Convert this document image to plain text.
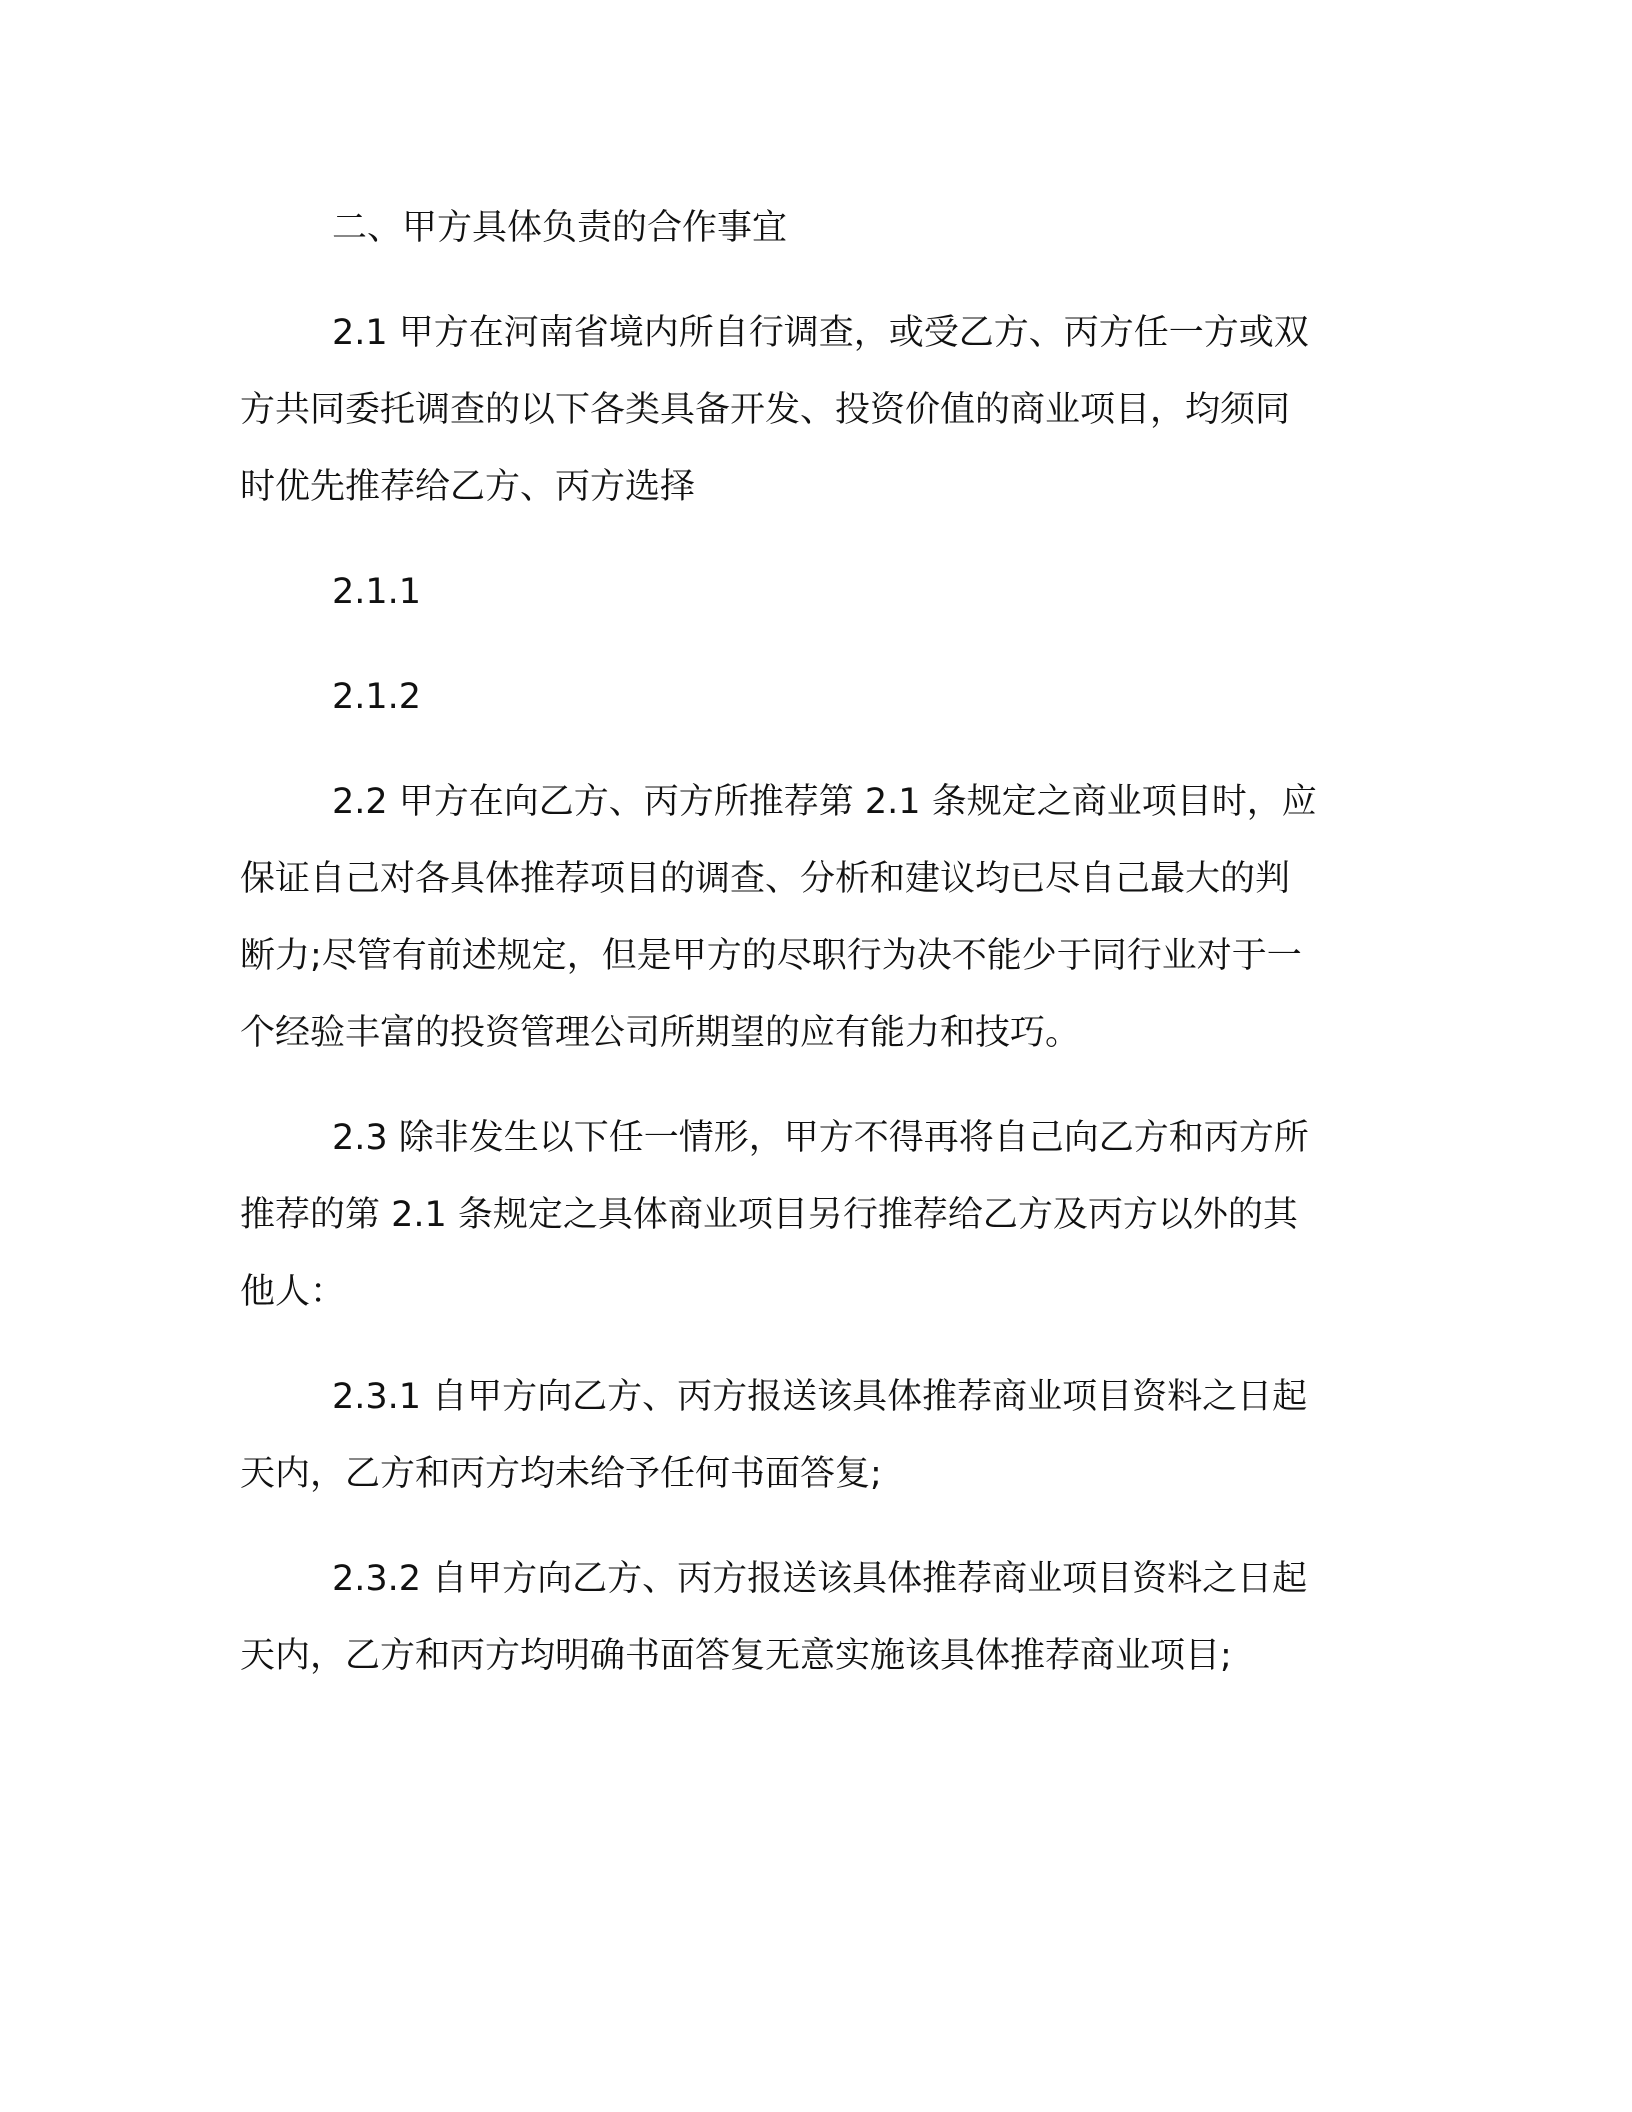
二、甲方具体负责的合作事宜

2.1 甲方在河南省境内所自行调查，或受乙方、丙方任一方或双
方共同委托调查的以下各类具备开发、投资价值的商业项目，均须同
时优先推荐给乙方、丙方选择

2.1.1

2.1.2

2.2 甲方在向乙方、丙方所推荐第 2.1 条规定之商业项目时，应
保证自己对各具体推荐项目的调查、分析和建议均已尽自己最大的判
断力;尽管有前述规定，但是甲方的尽职行为决不能少于同行业对于一
个经验丰富的投资管理公司所期望的应有能力和技巧。

2.3 除非发生以下任一情形，甲方不得再将自己向乙方和丙方所
推荐的第 2.1 条规定之具体商业项目另行推荐给乙方及丙方以外的其
他人：

2.3.1 自甲方向乙方、丙方报送该具体推荐商业项目资料之日起
天内，乙方和丙方均未给予任何书面答复;

2.3.2 自甲方向乙方、丙方报送该具体推荐商业项目资料之日起
天内，乙方和丙方均明确书面答复无意实施该具体推荐商业项目;
